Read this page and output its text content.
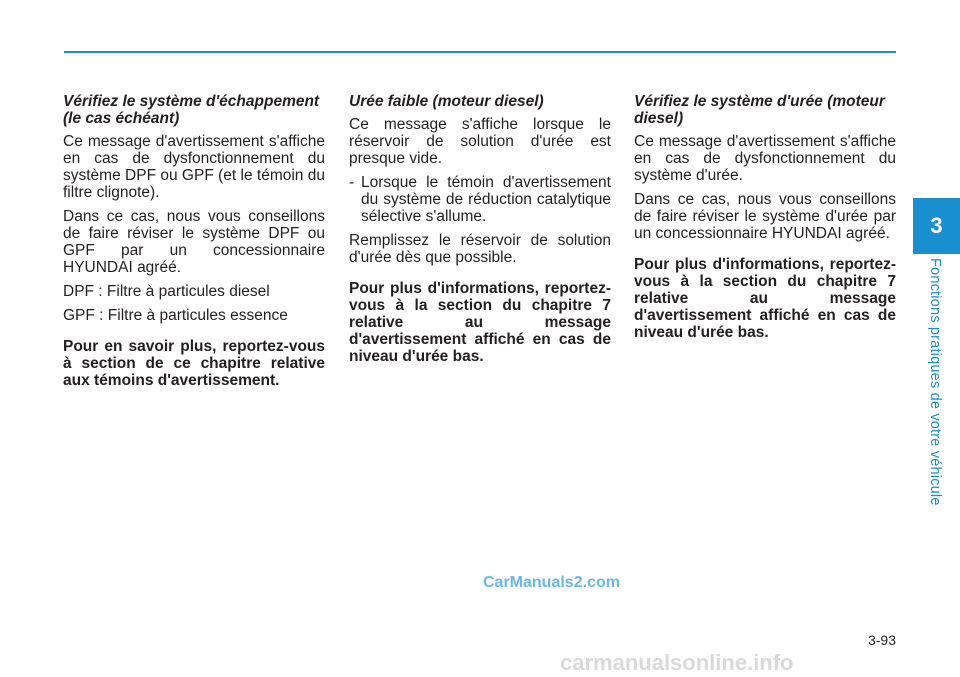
Vérifiez le système d'échappement (le cas échéant)

Ce message d'avertissement s'affiche en cas de dysfonctionnement du système DPF ou GPF (et le témoin du filtre clignote).

Dans ce cas, nous vous conseillons de faire réviser le système DPF ou GPF par un concessionnaire HYUNDAI agréé.

DPF : Filtre à particules diesel

GPF : Filtre à particules essence

Pour en savoir plus, reportez-vous à section de ce chapitre relative aux témoins d'avertissement.

Urée faible (moteur diesel)

Ce message s'affiche lorsque le réservoir de solution d'urée est presque vide.

- Lorsque le témoin d'avertissement du système de réduction catalytique sélective s'allume.

Remplissez le réservoir de solution d'urée dès que possible.

Pour plus d'informations, reportez-vous à la section du chapitre 7 relative au message d'avertissement affiché en cas de niveau d'urée bas.

Vérifiez le système d'urée (moteur diesel)

Ce message d'avertissement s'affiche en cas de dysfonctionnement du système d'urée.

Dans ce cas, nous vous conseillons de faire réviser le système d'urée par un concessionnaire HYUNDAI agréé.

Pour plus d'informations, reportez-vous à la section du chapitre 7 relative au message d'avertissement affiché en cas de niveau d'urée bas.

3
Fonctions pratiques de votre véhicule
CarManuals2.com
3-93
carmanualsonline.info
